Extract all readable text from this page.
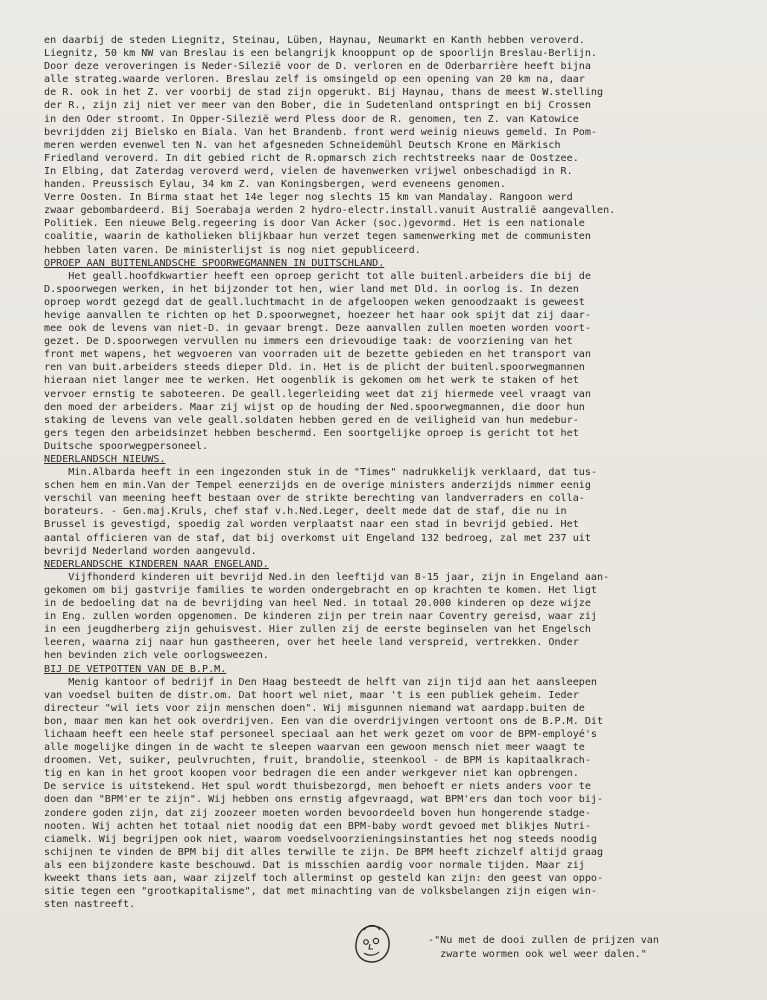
en daarbij de steden Liegnitz, Steinau, Lüben, Haynau, Neumarkt en Kanth hebben veroverd.
Liegnitz, 50 km NW van Breslau is een belangrijk knooppunt op de spoorlijn Breslau-Berlijn.
Door deze veroveringen is Neder-Silezië voor de D. verloren en de Oderbarrière heeft bijna
alle strateg.waarde verloren. Breslau zelf is omsingeld op een opening van 20 km na, daar
de R. ook in het Z. ver voorbij de stad zijn opgerukt. Bij Haynau, thans de meest W.stelling
der R., zijn zij niet ver meer van den Bober, die in Sudetenland ontspringt en bij Crossen
in den Oder stroomt. In Opper-Silezië werd Pless door de R. genomen, ten Z. van Katowice
bevrijdden zij Bielsko en Biala. Van het Brandenb. front werd weinig nieuws gemeld. In Pom-
meren werden evenwel ten N. van het afgesneden Schneidemühl Deutsch Krone en Märkisch
Friedland veroverd. In dit gebied richt de R.opmarsch zich rechtstreeks naar de Oostzee.
In Elbing, dat Zaterdag veroverd werd, vielen de havenwerken vrijwel onbeschadigd in R.
handen. Preussisch Eylau, 34 km Z. van Koningsbergen, werd eveneens genomen.
Verre Oosten. In Birma staat het 14e leger nog slechts 15 km van Mandalay. Rangoon werd
zwaar gebombardeerd. Bij Soerabaja werden 2 hydro-electr.install.vanuit Australië aangevallen.
Politiek. Een nieuwe Belg.regeering is door Van Acker (soc.)gevormd. Het is een nationale
coalitie, waarin de katholieken blijkbaar hun verzet tegen samenwerking met de communisten
hebben laten varen. De ministerlijst is nog niet gepubliceerd.
OPROEP AAN BUITENLANDSCHE SPOORWEGMANNEN IN DUITSCHLAND.
Het geall.hoofdkwartier heeft een oproep gericht tot alle buitenl.arbeiders die bij de
D.spoorwegen werken, in het bijzonder tot hen, wier land met Dld. in oorlog is. In dezen
oproep wordt gezegd dat de geall.luchtmacht in de afgeloopen weken genoodzaakt is geweest
hevige aanvallen te richten op het D.spoorwegnet, hoezeer het haar ook spijt dat zij daar-
mee ook de levens van niet-D. in gevaar brengt. Deze aanvallen zullen moeten worden voort-
gezet. De D.spoorwegen vervullen nu immers een drievoudige taak: de voorziening van het
front met wapens, het wegvoeren van voorraden uit de bezette gebieden en het transport van
ren van buit.arbeiders steeds dieper Dld. in. Het is de plicht der buitenl.spoorwegmannen
hieraan niet langer mee te werken. Het oogenblik is gekomen om het werk te staken of het
vervoer ernstig te saboteeren. De geall.legerleiding weet dat zij hiermede veel vraagt van
den moed der arbeiders. Maar zij wijst op de houding der Ned.spoorwegmannen, die door hun
staking de levens van vele geall.soldaten hebben gered en de veiligheid van hun medebur-
gers tegen den arbeidsinzet hebben beschermd. Een soortgelijke oproep is gericht tot het
Duitsche spoorwegpersoneel.
NEDERLANDSCH NIEUWS.
Min.Albarda heeft in een ingezonden stuk in de "Times" nadrukkelijk verklaard, dat tus-
schen hem en min.Van der Tempel eenerzijds en de overige ministers anderzijds nimmer eenig
verschil van meening heeft bestaan over de strikte berechting van landverraders en colla-
borateurs. - Gen.maj.Kruls, chef staf v.h.Ned.Leger, deelt mede dat de staf, die nu in
Brussel is gevestigd, spoedig zal worden verplaatst naar een stad in bevrijd gebied. Het
aantal officieren van de staf, dat bij overkomst uit Engeland 132 bedroeg, zal met 237 uit
bevrijd Nederland worden aangevuld.
NEDERLANDSCHE KINDEREN NAAR ENGELAND.
Vijfhonderd kinderen uit bevrijd Ned.in den leeftijd van 8-15 jaar, zijn in Engeland aan-
gekomen om bij gastvrije families te worden ondergebracht en op krachten te komen. Het ligt
in de bedoeling dat na de bevrijding van heel Ned. in totaal 20.000 kinderen op deze wijze
in Eng. zullen worden opgenomen. De kinderen zijn per trein naar Coventry gereisd, waar zij
in een jeugdherberg zijn gehuisvest. Hier zullen zij de eerste beginselen van het Engelsch
leeren, waarna zij naar hun gastheeren, over het heele land verspreid, vertrekken. Onder
hen bevinden zich vele oorlogsweezen.
BIJ DE VETPOTTEN VAN DE B.P.M.
Menig kantoor of bedrijf in Den Haag besteedt de helft van zijn tijd aan het aansleepen
van voedsel buiten de distr.om. Dat hoort wel niet, maar 't is een publiek geheim. Ieder
directeur "wil iets voor zijn menschen doen". Wij misgunnen niemand wat aardapp.buiten de
bon, maar men kan het ook overdrijven. Een van die overdrijvingen vertoont ons de B.P.M. Dit
lichaam heeft een heele staf personeel speciaal aan het werk gezet om voor de BPM-employé's
alle mogelijke dingen in de wacht te sleepen waarvan een gewoon mensch niet meer waagt te
droomen. Vet, suiker, peulvruchten, fruit, brandolie, steenkool - de BPM is kapitaalkrach-
tig en kan in het groot koopen voor bedragen die een ander werkgever niet kan opbrengen.
De service is uitstekend. Het spul wordt thuisbezorgd, men behoeft er niets anders voor te
doen dan "BPM'er te zijn". Wij hebben ons ernstig afgevraagd, wat BPM'ers dan toch voor bij-
zondere goden zijn, dat zij zoozeer moeten worden bevoordeeld boven hun hongerende stadge-
nooten. Wij achten het totaal niet noodig dat een BPM-baby wordt gevoed met blikjes Nutri-
ciamelk. Wij begrijpen ook niet, waarom voedselvoorzieningsinstanties het nog steeds noodig
schijnen te vinden de BPM bij dit alles terwille te zijn. De BPM heeft zichzelf altijd graag
als een bijzondere kaste beschouwd. Dat is misschien aardig voor normale tijden. Maar zij
kweekt thans iets aan, waar zijzelf toch allerminst op gesteld kan zijn: den geest van oppo-
sitie tegen een "grootkapitalisme", dat met minachting van de volksbelangen zijn eigen win-
sten nastreeft.
-"Nu met de dooi zullen de prijzen van
zwarte wormen ook wel weer dalen."
